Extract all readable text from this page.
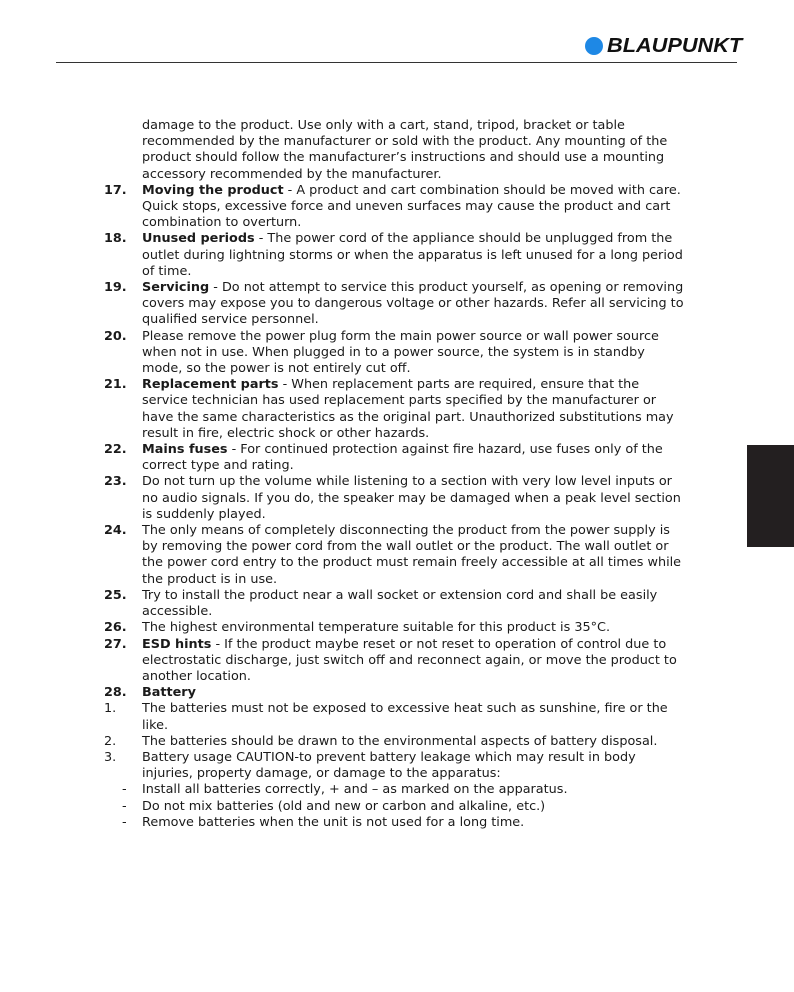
BLAUPUNKT
damage to the product. Use only with a cart, stand, tripod, bracket or table recommended by the manufacturer or sold with the product. Any mounting of the product should follow the manufacturer’s instructions and should use a mounting accessory recommended by the manufacturer.
17.	Moving the product - A product and cart combination should be moved with care. Quick stops, excessive force and uneven surfaces may cause the product and cart combination to overturn.
18.	Unused periods - The power cord of the appliance should be unplugged from the outlet during lightning storms or when the apparatus is left unused for a long period of time.
19.	Servicing - Do not attempt to service this product yourself, as opening or removing covers may expose you to dangerous voltage or other hazards. Refer all servicing to qualified service personnel.
20.	Please remove the power plug form the main power source or wall power source when not in use. When plugged in to a power source, the system is in standby mode, so the power is not entirely cut off.
21.	Replacement parts - When replacement parts are required, ensure that the service technician has used replacement parts specified by the manufacturer or have the same characteristics as the original part. Unauthorized substitutions may result in fire, electric shock or other hazards.
22.	Mains fuses - For continued protection against fire hazard, use fuses only of the correct type and rating.
23.	Do not turn up the volume while listening to a section with very low level inputs or no audio signals. If you do, the speaker may be damaged when a peak level section is suddenly played.
24.	The only means of completely disconnecting the product from the power supply is by removing the power cord from the wall outlet or the product. The wall outlet or the power cord entry to the product must remain freely accessible at all times while the product is in use.
25.	Try to install the product near a wall socket or extension cord and shall be easily accessible.
26.	The highest environmental temperature suitable for this product is 35°C.
27.	ESD hints - If the product maybe reset or not reset to operation of control due to electrostatic discharge, just switch off and reconnect again, or move the product to another location.
28.	Battery
1.	The batteries must not be exposed to excessive heat such as sunshine, fire or the like.
2.	The batteries should be drawn to the environmental aspects of battery disposal.
3.	Battery usage CAUTION-to prevent battery leakage which may result in body injuries, property damage, or damage to the apparatus:
-	Install all batteries correctly, + and – as marked on the apparatus.
-	Do not mix batteries (old and new or carbon and alkaline, etc.)
-	Remove batteries when the unit is not used for a long time.
